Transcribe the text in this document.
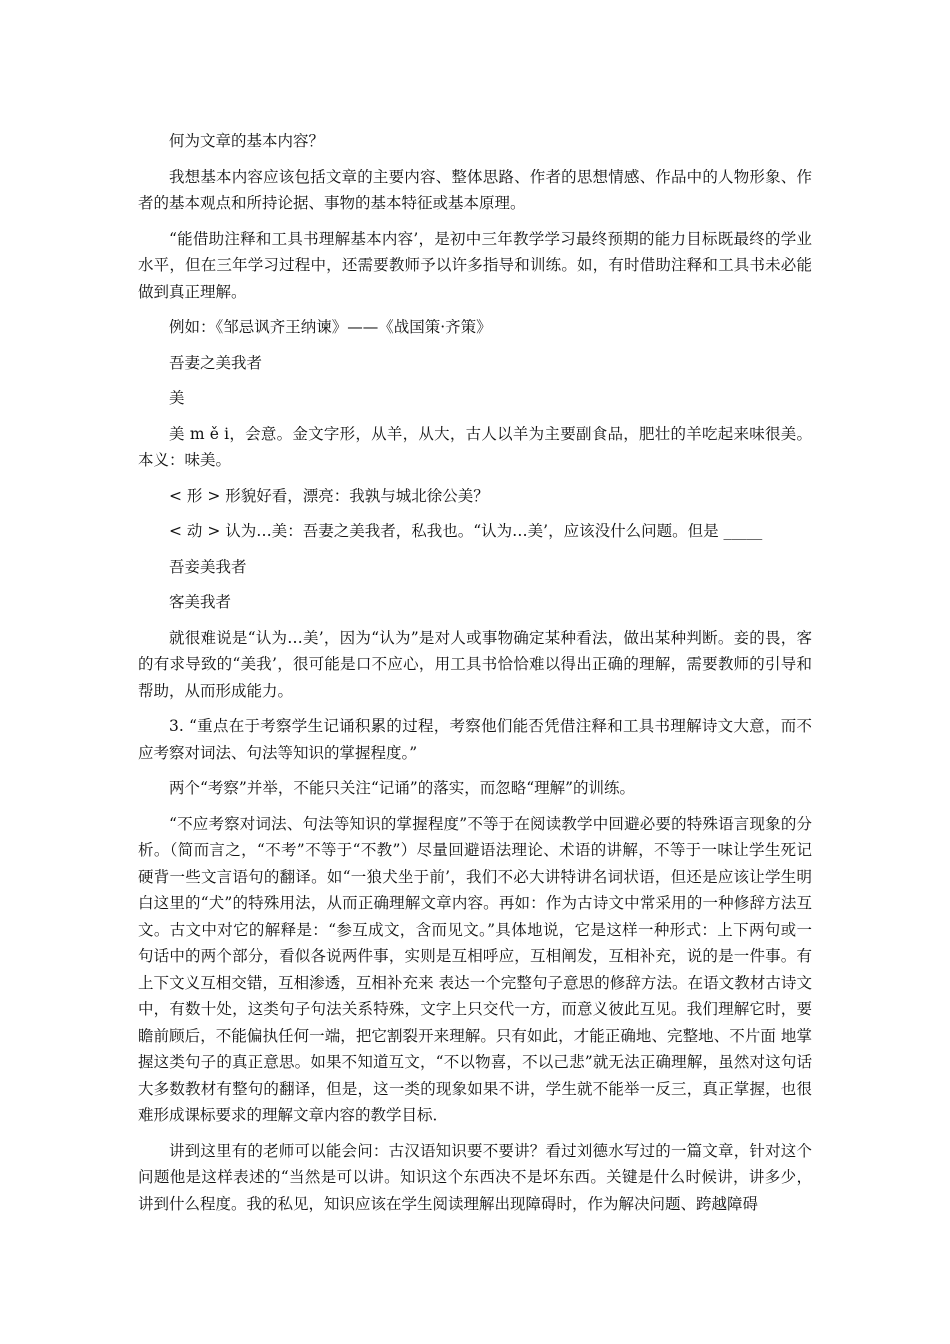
何为文章的基本内容？

我想基本内容应该包括文章的主要内容、整体思路、作者的思想情感、作品中的人物形象、作者的基本观点和所持论据、事物的基本特征或基本原理。

“能借助注释和工具书理解基本内容’，是初中三年教学学习最终预期的能力目标既最终的学业水平，但在三年学习过程中，还需要教师予以许多指导和训练。如，有时借助注释和工具书未必能做到真正理解。

例如：《邹忌讽齐王纳谏》——《战国策·齐策》

吾妻之美我者

美

美 m ě i，会意。金文字形，从羊，从大，古人以羊为主要副食品，肥壮的羊吃起来味很美。本义：味美。

< 形 > 形貌好看，漂亮：我孰与城北徐公美？

< 动 > 认为…美：吾妻之美我者，私我也。“认为…美’，应该没什么问题。但是 _____

吾妾美我者

客美我者

就很难说是“认为…美’，因为“认为”是对人或事物确定某种看法，做出某种判断。妾的畏，客的有求导致的“美我’，很可能是口不应心，用工具书恰恰难以得出正确的理解，需要教师的引导和帮助，从而形成能力。

3. “重点在于考察学生记诵积累的过程，考察他们能否凭借注释和工具书理解诗文大意，而不应考察对词法、句法等知识的掌握程度。”

两个“考察”并举，不能只关注“记诵”的落实，而忽略“理解”的训练。

“不应考察对词法、句法等知识的掌握程度”不等于在阅读教学中回避必要的特殊语言现象的分析。（简而言之，“不考”不等于“不教”）尽量回避语法理论、术语的讲解，不等于一味让学生死记硬背一些文言语句的翻译。如“一狼犬坐于前’，我们不必大讲特讲名词状语，但还是应该让学生明白这里的“犬”的特殊用法，从而正确理解文章内容。再如：作为古诗文中常采用的一种修辞方法互文。古文中对它的解释是：“参互成文，含而见文。”具体地说，它是这样一种形式：上下两句或一句话中的两个部分，看似各说两件事，实则是互相呼应，互相阐发，互相补充，说的是一件事。有上下文义互相交错，互相渗透，互相补充来 表达一个完整句子意思的修辞方法。在语文教材古诗文中，有数十处，这类句子句法关系特殊，文字上只交代一方，而意义彼此互见。我们理解它时，要瞻前顾后，不能偏执任何一端，把它割裂开来理解。只有如此，才能正确地、完整地、不片面 地掌握这类句子的真正意思。如果不知道互文，“不以物喜，不以己悲”就无法正确理解，虽然对这句话大多数教材有整句的翻译，但是，这一类的现象如果不讲，学生就不能举一反三，真正掌握，也很难形成课标要求的理解文章内容的教学目标．

讲到这里有的老师可以能会问：古汉语知识要不要讲？看过刘德水写过的一篇文章，针对这个问题他是这样表述的“当然是可以讲。知识这个东西决不是坏东西。关键是什么时候讲，讲多少，讲到什么程度。我的私见，知识应该在学生阅读理解出现障碍时，作为解决问题、跨越障碍
